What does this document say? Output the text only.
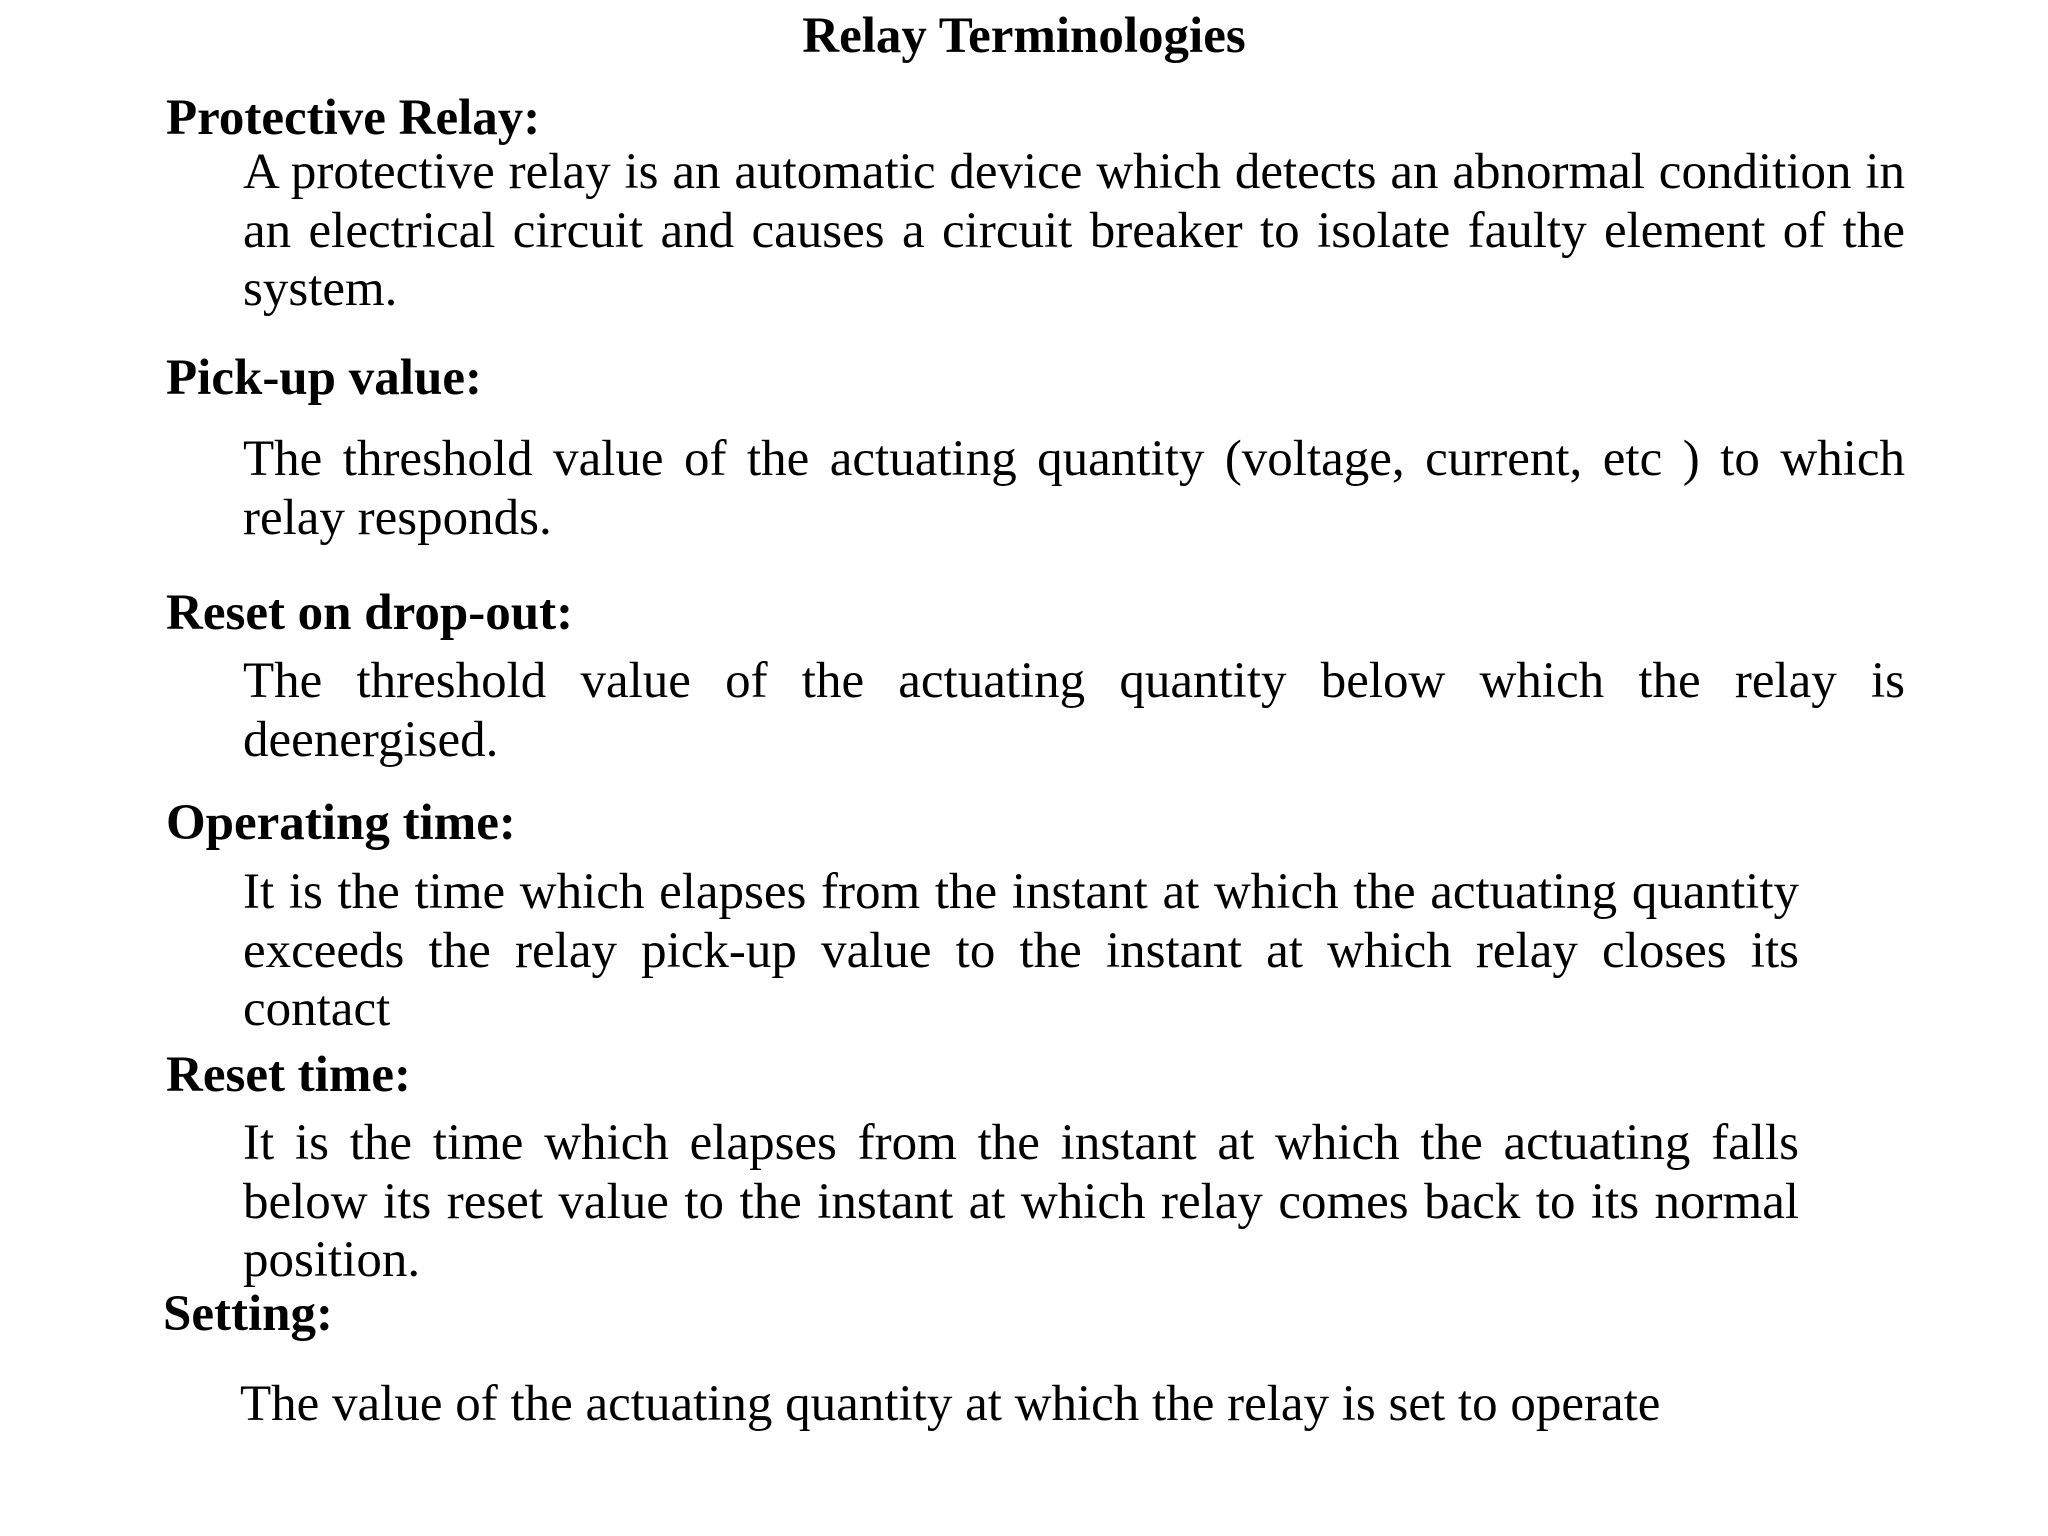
Relay Terminologies
Protective Relay:
A protective relay is an automatic device which detects an abnormal condition in an electrical circuit and causes a circuit breaker to isolate faulty element of the system.
Pick-up value:
The threshold value of the actuating quantity (voltage, current, etc ) to which relay responds.
Reset on drop-out:
The threshold value of the actuating quantity below which the relay is deenergised.
Operating time:
It is the time which elapses from the instant at which the actuating quantity exceeds the relay pick-up value to the instant at which relay closes its contact
Reset time:
It is the time which elapses from the instant at which the actuating falls below its reset value to the instant at which relay comes back to its normal position.
Setting:
The value of the actuating quantity at which the relay is set to operate
